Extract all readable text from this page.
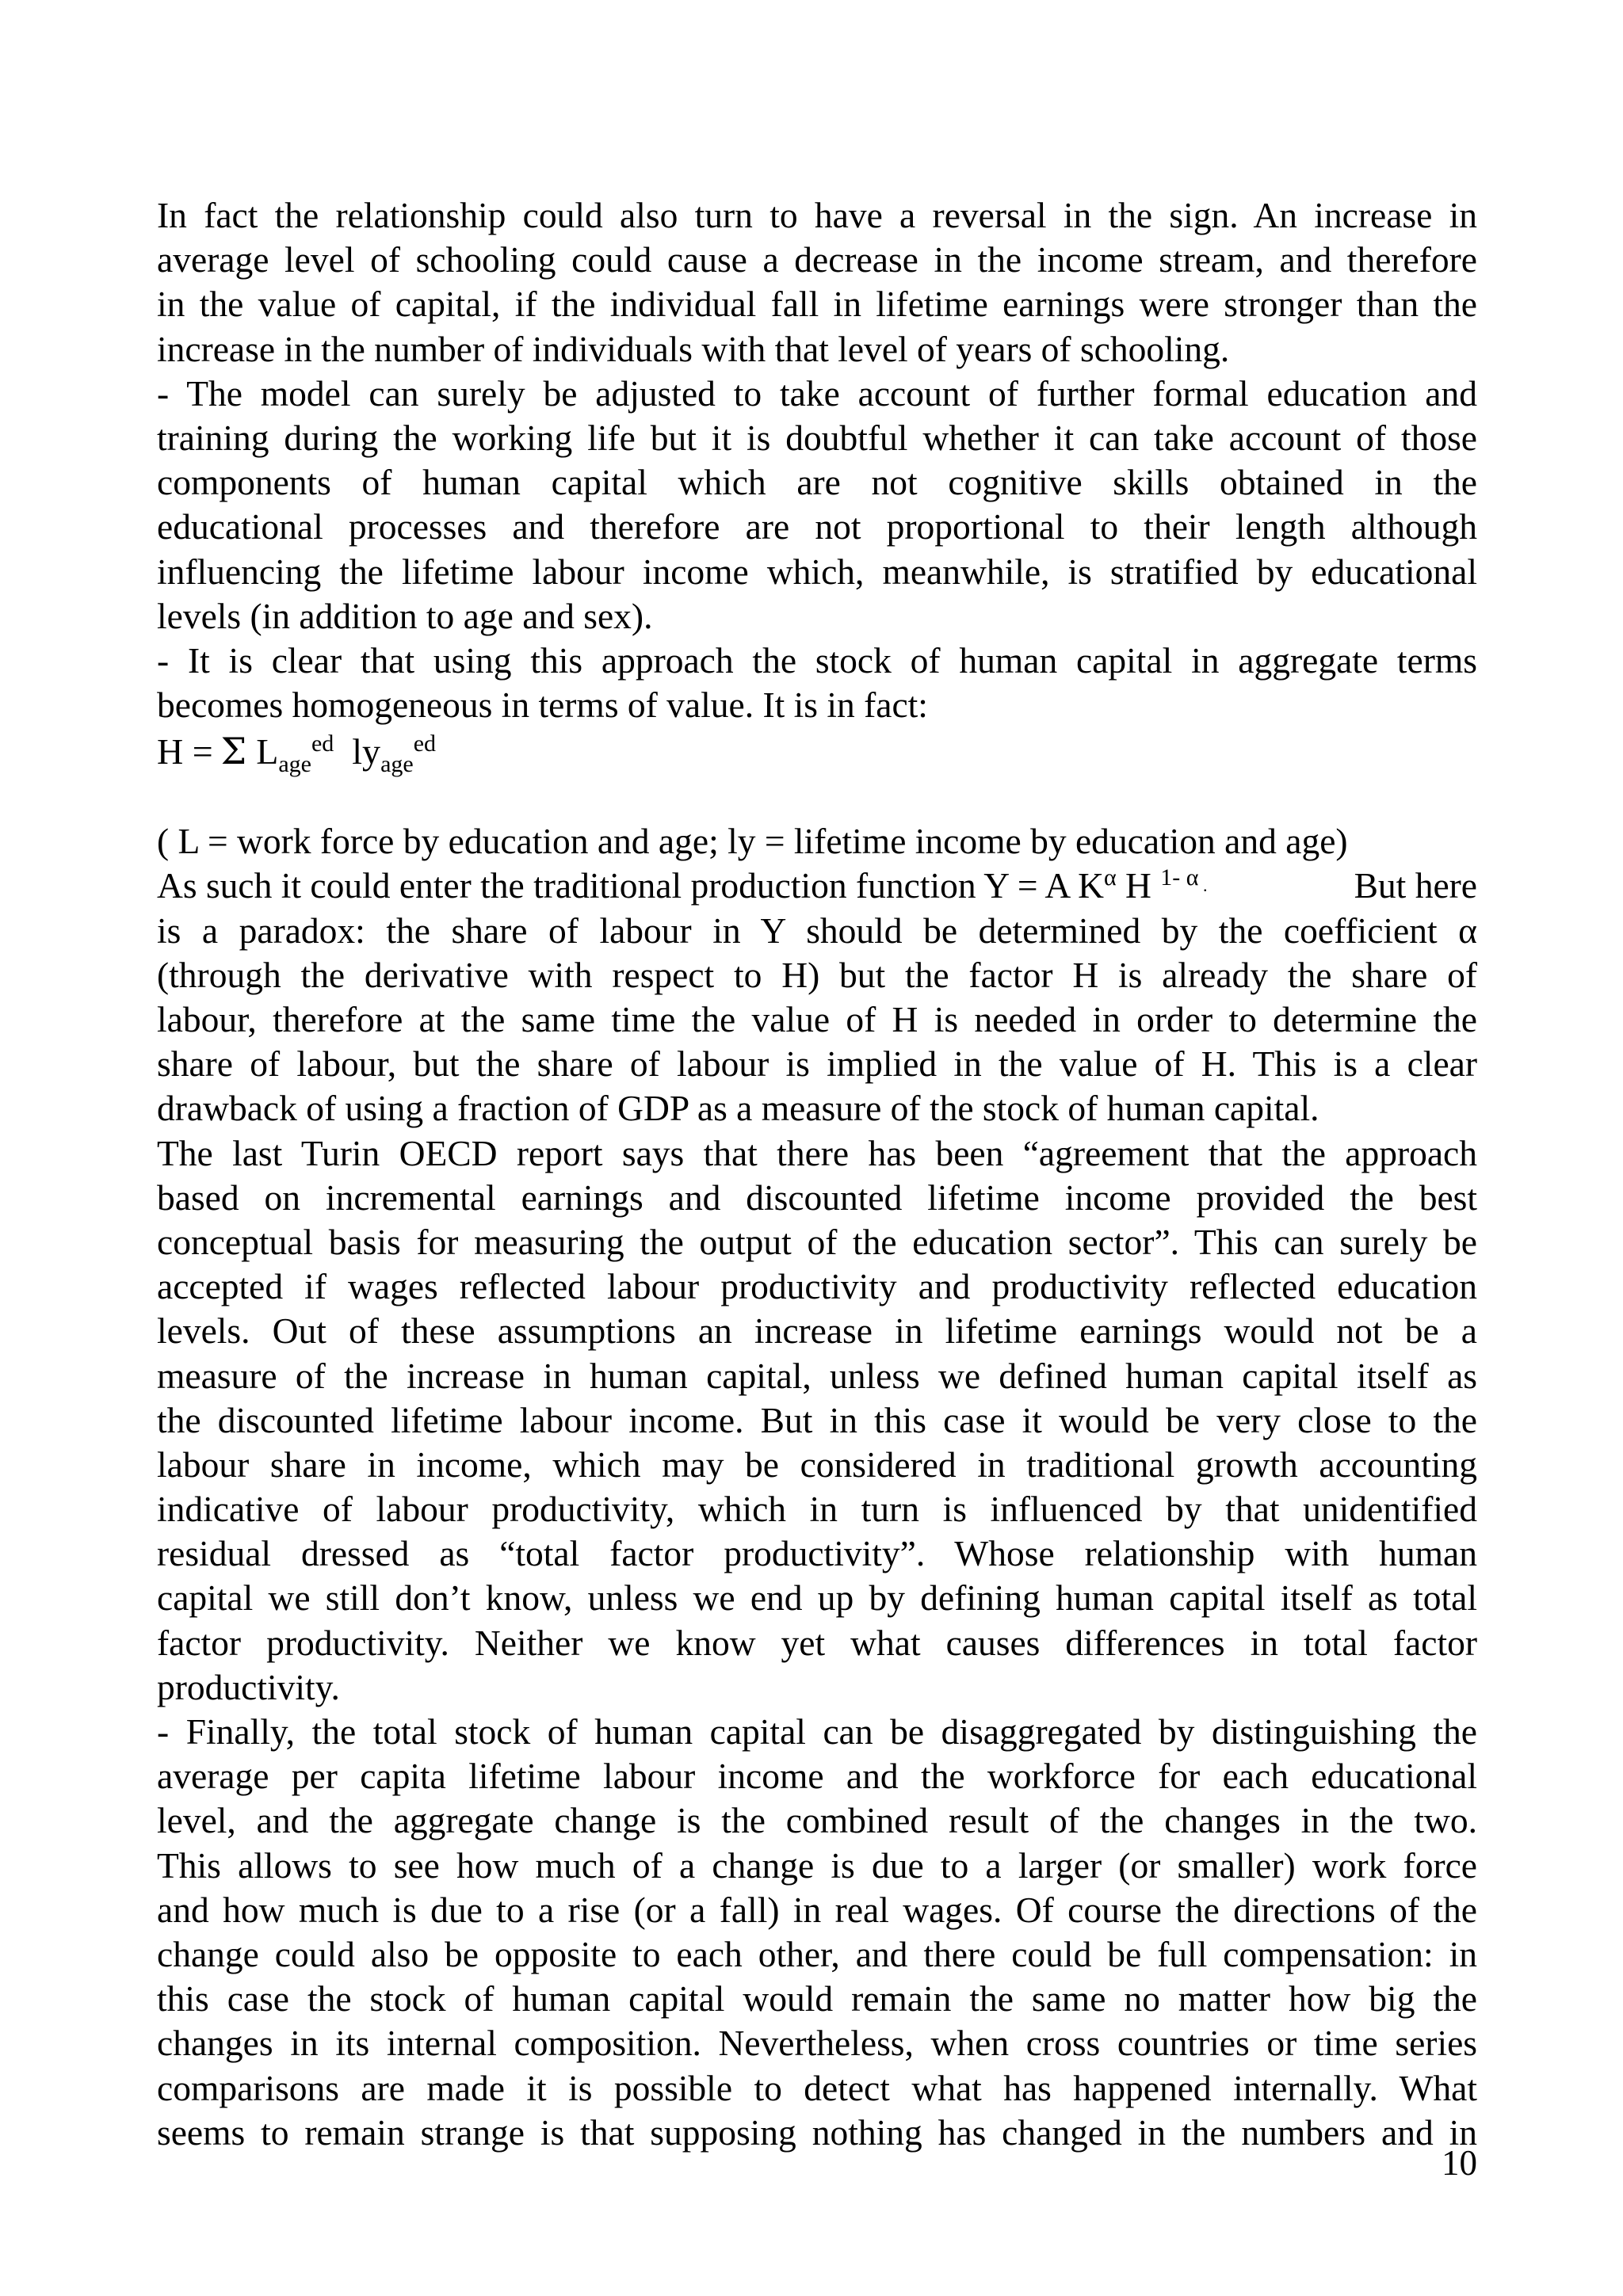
In fact the relationship could also turn to have a reversal in the sign. An increase in
average level of schooling could cause a decrease in the income stream, and therefore
in the value of capital, if the individual fall in lifetime earnings were stronger than the
increase in the number of individuals with that level of years of schooling.
- The model can surely be adjusted to take account of further formal education and
training during the working life but it is doubtful whether it can take account of those
components of human capital which are not cognitive skills obtained in the
educational processes and therefore are not proportional to their length although
influencing the lifetime labour income which, meanwhile, is stratified by educational
levels (in addition to age and sex).
- It is clear that using this approach the stock of human capital in aggregate terms
becomes homogeneous in terms of value. It is in fact:
H = Σ $L_{age}^{ed}$ $ly_{age}^{ed}$
( L = work force by education and age; ly = lifetime income by education and age)
As such it could enter the traditional production function Y = A $K^\alpha$ H $^{1- \alpha}$ .	But here
is a paradox: the share of labour in Y should be determined by the coefficient α
(through the derivative with respect to H) but the factor H is already the share of
labour, therefore at the same time the value of H is needed in order to determine the
share of labour, but the share of labour is implied in the value of H. This is a clear
drawback of using a fraction of GDP as a measure of the stock of human capital.
The last Turin OECD report says that there has been “agreement that the approach
based on incremental earnings and discounted lifetime income provided the best
conceptual basis for measuring the output of the education sector”. This can surely be
accepted if wages reflected labour productivity and productivity reflected education
levels. Out of these assumptions an increase in lifetime earnings would not be a
measure of the increase in human capital, unless we defined human capital itself as
the discounted lifetime labour income. But in this case it would be very close to the
labour share in income, which may be considered in traditional growth accounting
indicative of labour productivity, which in turn is influenced by that unidentified
residual dressed as “total factor productivity”. Whose relationship with human
capital we still don’t know, unless we end up by defining human capital itself as total
factor productivity. Neither we know yet what causes differences in total factor
productivity.
- Finally, the total stock of human capital can be disaggregated by distinguishing the
average per capita lifetime labour income and the workforce for each educational
level, and the aggregate change is the combined result of the changes in the two.
This allows to see how much of a change is due to a larger (or smaller) work force
and how much is due to a rise (or a fall) in real wages. Of course the directions of the
change could also be opposite to each other, and there could be full compensation: in
this case the stock of human capital would remain the same no matter how big the
changes in its internal composition. Nevertheless, when cross countries or time series
comparisons are made it is possible to detect what has happened internally. What
seems to remain strange is that supposing nothing has changed in the numbers and in
10
